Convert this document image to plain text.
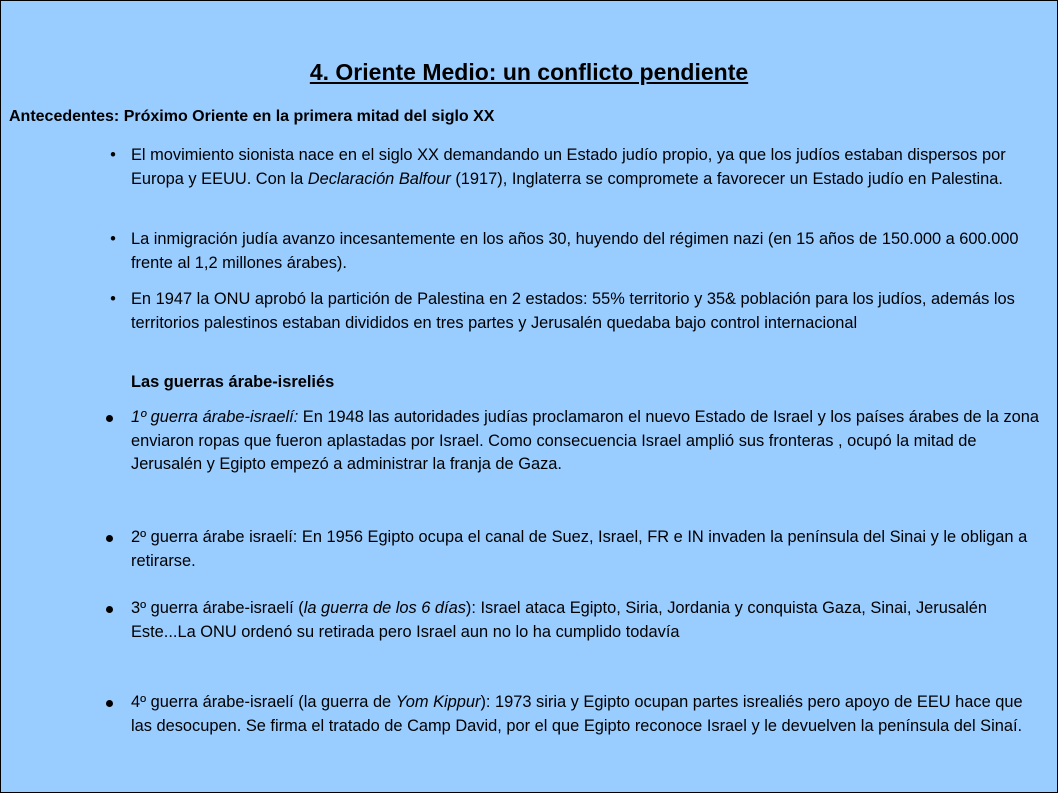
4. Oriente Medio: un conflicto pendiente

Antecedentes: Próximo Oriente en la primera mitad del siglo XX

• El movimiento sionista nace en el siglo XX demandando un Estado judío propio, ya que los judíos estaban dispersos por Europa y EEUU. Con la Declaración Balfour (1917), Inglaterra se compromete a favorecer un Estado judío en Palestina.

• La inmigración judía avanzo incesantemente en los años 30, huyendo del régimen nazi (en 15 años de 150.000 a 600.000 frente al 1,2 millones árabes).

• En 1947 la ONU aprobó la partición de Palestina en 2 estados: 55% territorio y 35& población para los judíos, además los territorios palestinos estaban divididos en tres partes y Jerusalén quedaba bajo control internacional

Las guerras árabe-isreliés

1º guerra árabe-israelí: En 1948 las autoridades judías proclamaron el nuevo Estado de Israel y los países árabes de la zona enviaron ropas que fueron aplastadas por Israel. Como consecuencia Israel amplió sus fronteras , ocupó la mitad de Jerusalén y Egipto empezó a administrar la franja de Gaza.

2º guerra árabe israelí: En 1956 Egipto ocupa el canal de Suez, Israel, FR e IN invaden la península del Sinai y le obligan a retirarse.

3º guerra árabe-israelí (la guerra de los 6 días): Israel ataca Egipto, Siria, Jordania y conquista Gaza, Sinai, Jerusalén Este...La ONU ordenó su retirada pero Israel aun no lo ha cumplido todavía

4º guerra árabe-israelí (la guerra de Yom Kippur): 1973 siria y Egipto ocupan partes isrealiés pero apoyo de EEU hace que las desocupen. Se firma el tratado de Camp David, por el que Egipto reconoce Israel y le devuelven la península del Sinaí.
